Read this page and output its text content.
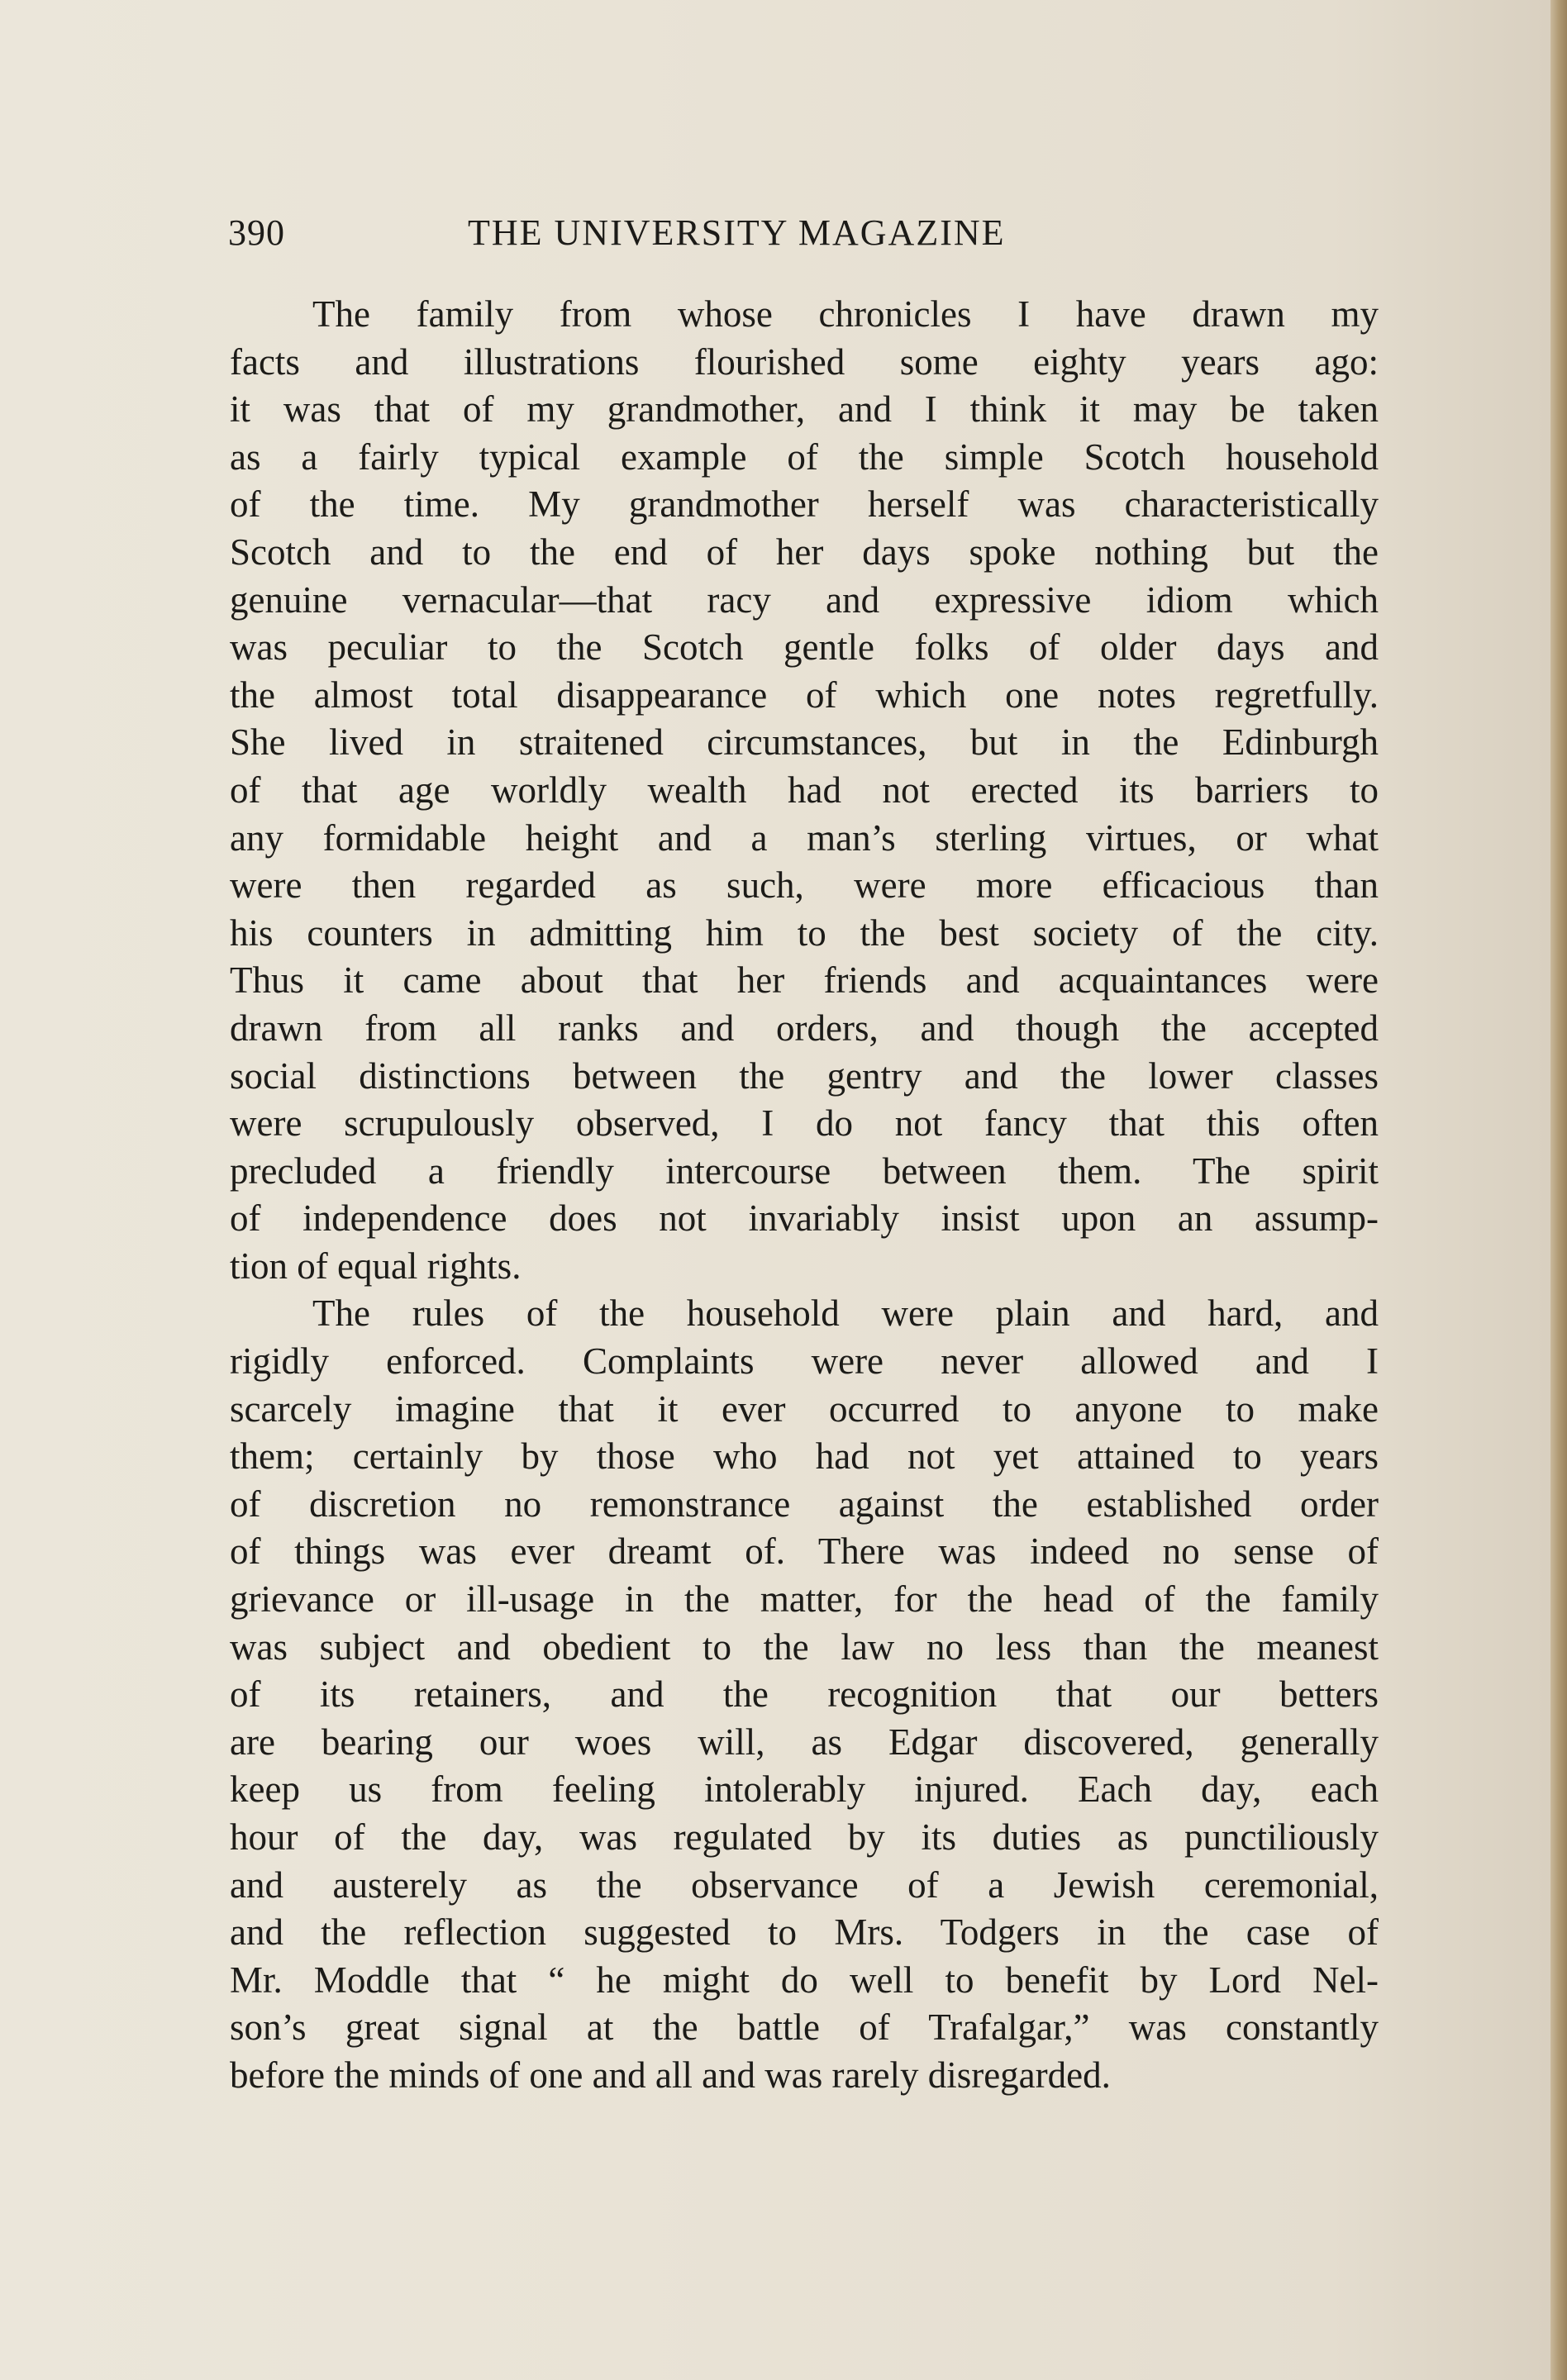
390	THE UNIVERSITY MAGAZINE
The family from whose chronicles I have drawn my
facts and illustrations flourished some eighty years ago:
it was that of my grandmother, and I think it may be taken
as a fairly typical example of the simple Scotch household
of the time. My grandmother herself was characteristically
Scotch and to the end of her days spoke nothing but the
genuine vernacular—that racy and expressive idiom which
was peculiar to the Scotch gentle folks of older days and
the almost total disappearance of which one notes regretfully.
She lived in straitened circumstances, but in the Edinburgh
of that age worldly wealth had not erected its barriers to
any formidable height and a man’s sterling virtues, or what
were then regarded as such, were more efficacious than
his counters in admitting him to the best society of the city.
Thus it came about that her friends and acquaintances were
drawn from all ranks and orders, and though the accepted
social distinctions between the gentry and the lower classes
were scrupulously observed, I do not fancy that this often
precluded a friendly intercourse between them. The spirit
of independence does not invariably insist upon an assump-
tion of equal rights.
The rules of the household were plain and hard, and
rigidly enforced. Complaints were never allowed and I
scarcely imagine that it ever occurred to anyone to make
them; certainly by those who had not yet attained to years
of discretion no remonstrance against the established order
of things was ever dreamt of. There was indeed no sense of
grievance or ill-usage in the matter, for the head of the family
was subject and obedient to the law no less than the meanest
of its retainers, and the recognition that our betters
are bearing our woes will, as Edgar discovered, generally
keep us from feeling intolerably injured. Each day, each
hour of the day, was regulated by its duties as punctiliously
and austerely as the observance of a Jewish ceremonial,
and the reflection suggested to Mrs. Todgers in the case of
Mr. Moddle that “ he might do well to benefit by Lord Nel-
son’s great signal at the battle of Trafalgar,” was constantly
before the minds of one and all and was rarely disregarded.
